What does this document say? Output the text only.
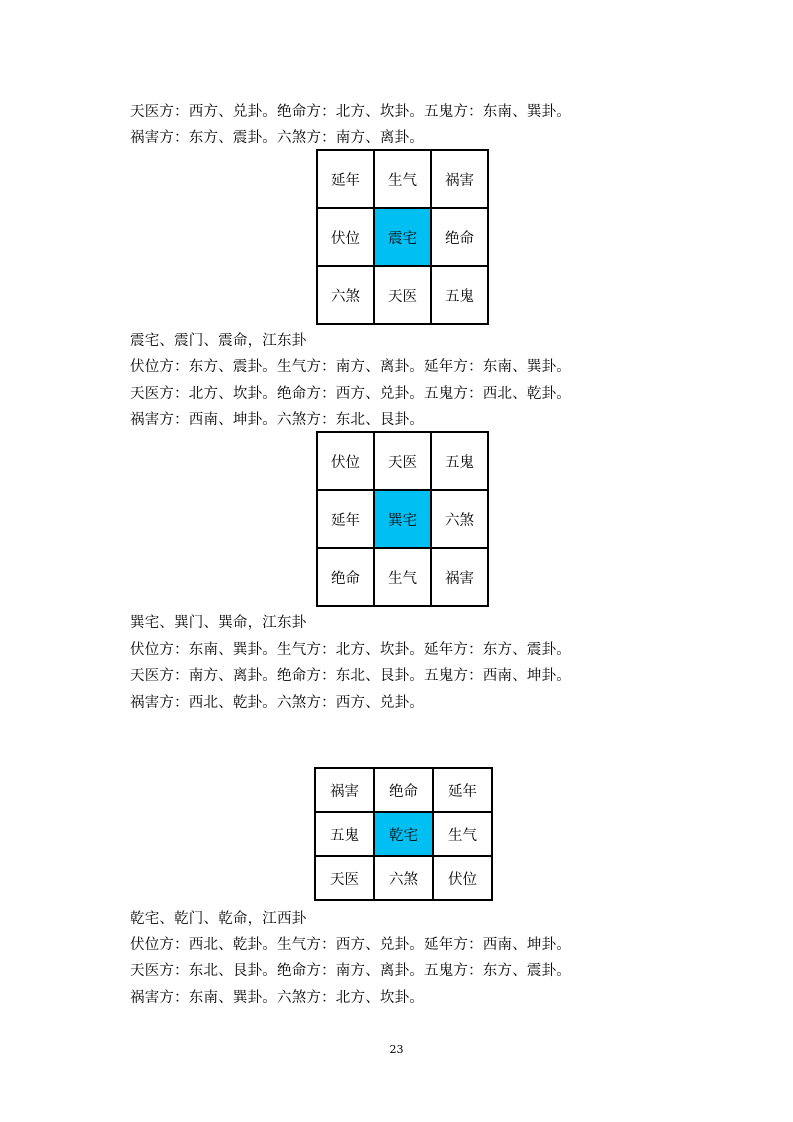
天医方：西方、兑卦。绝命方：北方、坎卦。五鬼方：东南、巽卦。
祸害方：东方、震卦。六煞方：南方、离卦。
延年	生气	祸害
伏位	震宅	绝命
六煞	天医	五鬼
震宅、震门、震命，江东卦
伏位方：东方、震卦。生气方：南方、离卦。延年方：东南、巽卦。
天医方：北方、坎卦。绝命方：西方、兑卦。五鬼方：西北、乾卦。
祸害方：西南、坤卦。六煞方：东北、艮卦。
伏位	天医	五鬼
延年	巽宅	六煞
绝命	生气	祸害
巽宅、巽门、巽命，江东卦
伏位方：东南、巽卦。生气方：北方、坎卦。延年方：东方、震卦。
天医方：南方、离卦。绝命方：东北、艮卦。五鬼方：西南、坤卦。
祸害方：西北、乾卦。六煞方：西方、兑卦。
祸害	绝命	延年
五鬼	乾宅	生气
天医	六煞	伏位
乾宅、乾门、乾命，江西卦
伏位方：西北、乾卦。生气方：西方、兑卦。延年方：西南、坤卦。
天医方：东北、艮卦。绝命方：南方、离卦。五鬼方：东方、震卦。
祸害方：东南、巽卦。六煞方：北方、坎卦。
23
